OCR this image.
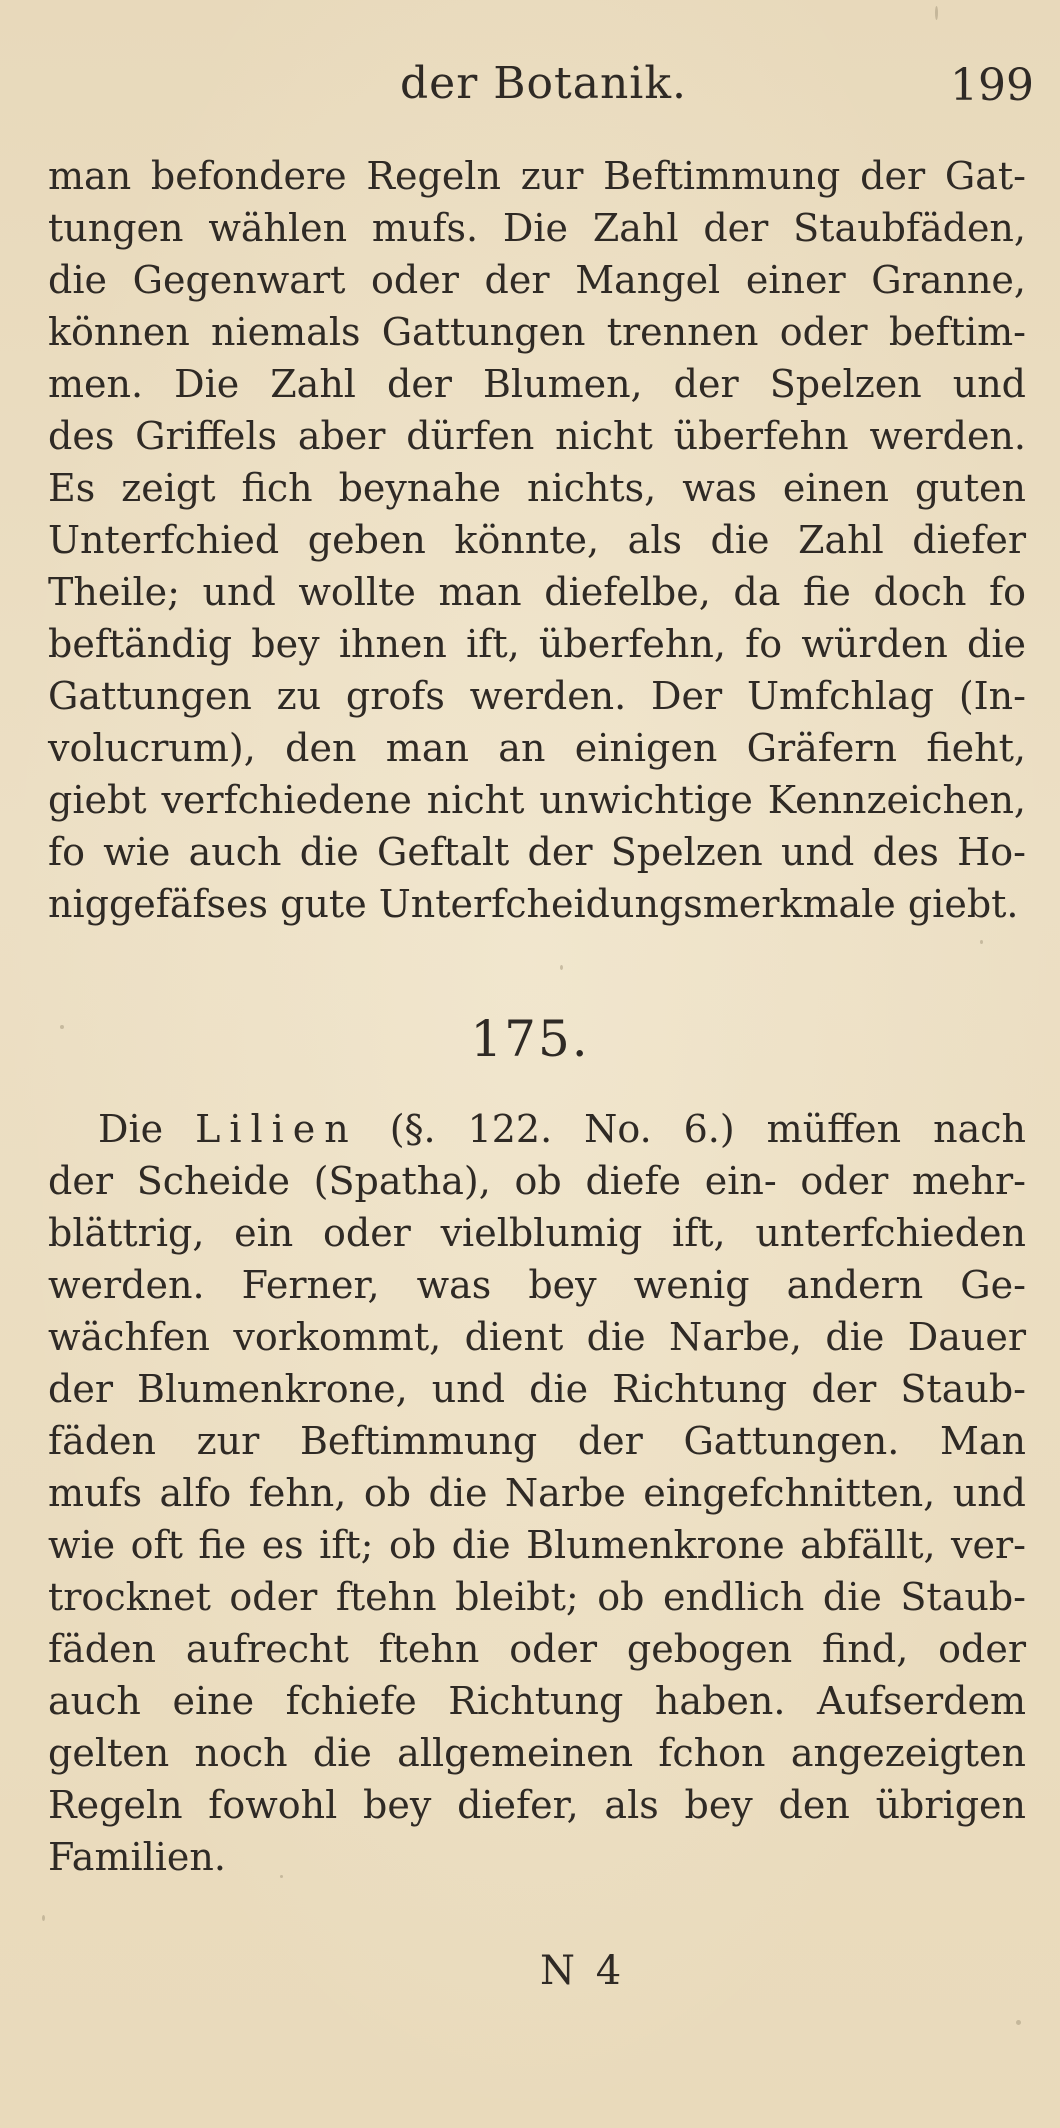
der Botanik.	199
man befondere Regeln zur Beftimmung der Gat-
tungen wählen mufs. Die Zahl der Staubfäden,
die Gegenwart oder der Mangel einer Granne,
können niemals Gattungen trennen oder beftim-
men. Die Zahl der Blumen, der Spelzen und
des Griffels aber dürfen nicht überfehn werden.
Es zeigt fich beynahe nichts, was einen guten
Unterfchied geben könnte, als die Zahl diefer
Theile; und wollte man diefelbe, da fie doch fo
beftändig bey ihnen ift, überfehn, fo würden die
Gattungen zu grofs werden. Der Umfchlag (In-
volucrum), den man an einigen Gräfern fieht,
giebt verfchiedene nicht unwichtige Kennzeichen,
fo wie auch die Geftalt der Spelzen und des Ho-
niggefäfses gute Unterfcheidungsmerkmale giebt.
175.
Die Lilien (§. 122. No. 6.) müffen nach
der Scheide (Spatha), ob diefe ein- oder mehr-
blättrig, ein oder vielblumig ift, unterfchieden
werden. Ferner, was bey wenig andern Ge-
wächfen vorkommt, dient die Narbe, die Dauer
der Blumenkrone, und die Richtung der Staub-
fäden zur Beftimmung der Gattungen. Man
mufs alfo fehn, ob die Narbe eingefchnitten, und
wie oft fie es ift; ob die Blumenkrone abfällt, ver-
trocknet oder ftehn bleibt; ob endlich die Staub-
fäden aufrecht ftehn oder gebogen find, oder
auch eine fchiefe Richtung haben. Aufserdem
gelten noch die allgemeinen fchon angezeigten
Regeln fowohl bey diefer, als bey den übrigen
Familien.
N 4
